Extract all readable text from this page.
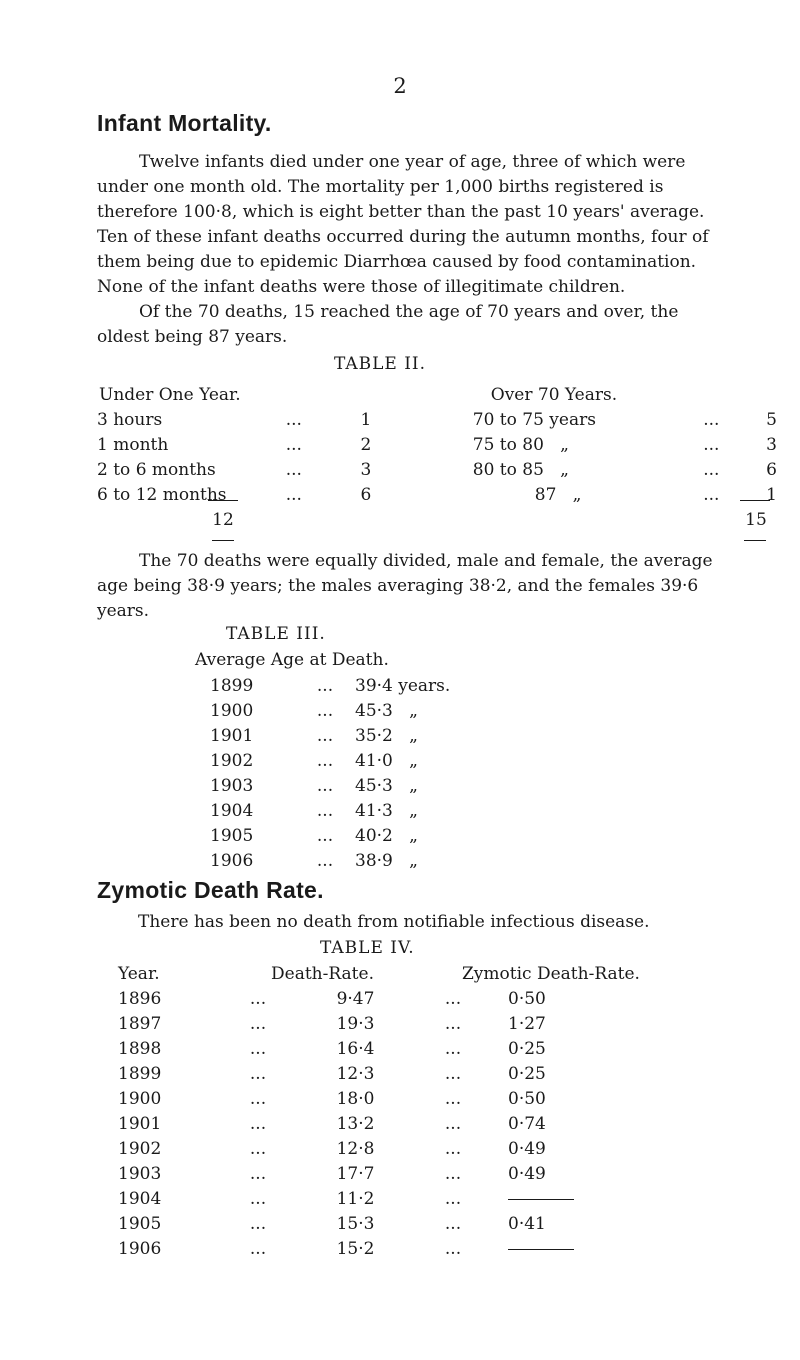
2
Infant Mortality.

Twelve infants died under one year of age, three of which were

under one month old. The mortality per 1,000 births registered is

therefore 100·8, which is eight better than the past 10 years' average.

Ten of these infant deaths occurred during the autumn months, four of

them being due to epidemic Diarrhœa caused by food contamination.

None of the infant deaths were those of illegitimate children.

Of the 70 deaths, 15 reached the age of 70 years and over, the

oldest being 87 years.

TABLE II.
Under One Year.				Over 70 Years.		
3 hours	...	1		70 to 75 years	...	5
1 month	...	2		75 to 80   „	...	3
2 to 6 months	...	3		80 to 85   „	...	6
6 to 12 months	...	6		87   „	...	1
12	15

The 70 deaths were equally divided, male and female, the average

age being 38·9 years; the males averaging 38·2, and the females 39·6

years.

TABLE III.
Average Age at Death.
1899	...	39·4 years.
1900	...	45·3   „
1901	...	35·2   „
1902	...	41·0   „
1903	...	45·3   „
1904	...	41·3   „
1905	...	40·2   „
1906	...	38·9   „
Zymotic Death Rate.
There has been no death from notifiable infectious disease.
TABLE IV.
Year.		Death-Rate.		Zymotic Death-Rate.
1896	...	9·47	...	0·50
1897	...	19·3	...	1·27
1898	...	16·4	...	0·25
1899	...	12·3	...	0·25
1900	...	18·0	...	0·50
1901	...	13·2	...	0·74
1902	...	12·8	...	0·49
1903	...	17·7	...	0·49
1904	...	11·2	...	
1905	...	15·3	...	0·41
1906	...	15·2	...	
